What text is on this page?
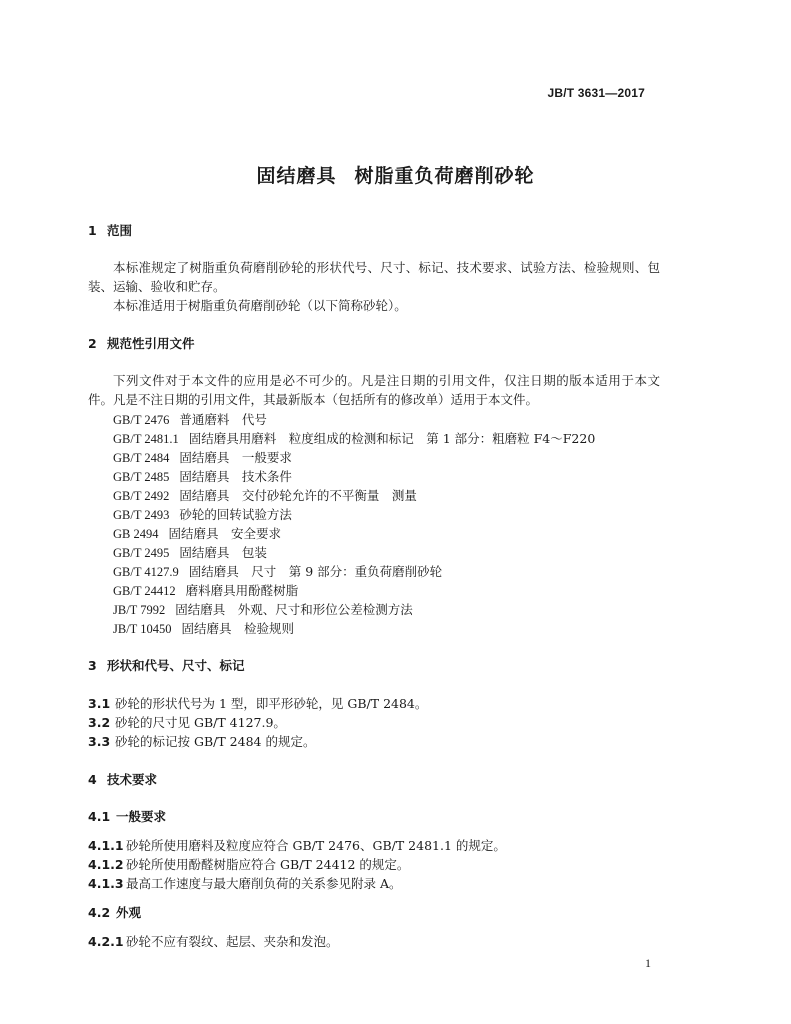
JB/T 3631—2017
固结磨具 树脂重负荷磨削砂轮
1 范围
本标准规定了树脂重负荷磨削砂轮的形状代号、尺寸、标记、技术要求、试验方法、检验规则、包装、运输、验收和贮存。
本标准适用于树脂重负荷磨削砂轮（以下简称砂轮）。
2 规范性引用文件
下列文件对于本文件的应用是必不可少的。凡是注日期的引用文件，仅注日期的版本适用于本文件。凡是不注日期的引用文件，其最新版本（包括所有的修改单）适用于本文件。
GB/T 2476 普通磨料　代号
GB/T 2481.1 固结磨具用磨料　粒度组成的检测和标记　第 1 部分：粗磨粒 F4～F220
GB/T 2484 固结磨具　一般要求
GB/T 2485 固结磨具　技术条件
GB/T 2492 固结磨具　交付砂轮允许的不平衡量　测量
GB/T 2493 砂轮的回转试验方法
GB 2494 固结磨具　安全要求
GB/T 2495 固结磨具　包装
GB/T 4127.9 固结磨具　尺寸　第 9 部分：重负荷磨削砂轮
GB/T 24412 磨料磨具用酚醛树脂
JB/T 7992 固结磨具　外观、尺寸和形位公差检测方法
JB/T 10450 固结磨具　检验规则
3 形状和代号、尺寸、标记
3.1 砂轮的形状代号为 1 型，即平形砂轮，见 GB/T 2484。
3.2 砂轮的尺寸见 GB/T 4127.9。
3.3 砂轮的标记按 GB/T 2484 的规定。
4 技术要求
4.1 一般要求
4.1.1 砂轮所使用磨料及粒度应符合 GB/T 2476、GB/T 2481.1 的规定。
4.1.2 砂轮所使用酚醛树脂应符合 GB/T 24412 的规定。
4.1.3 最高工作速度与最大磨削负荷的关系参见附录 A。
4.2 外观
4.2.1 砂轮不应有裂纹、起层、夹杂和发泡。
1
